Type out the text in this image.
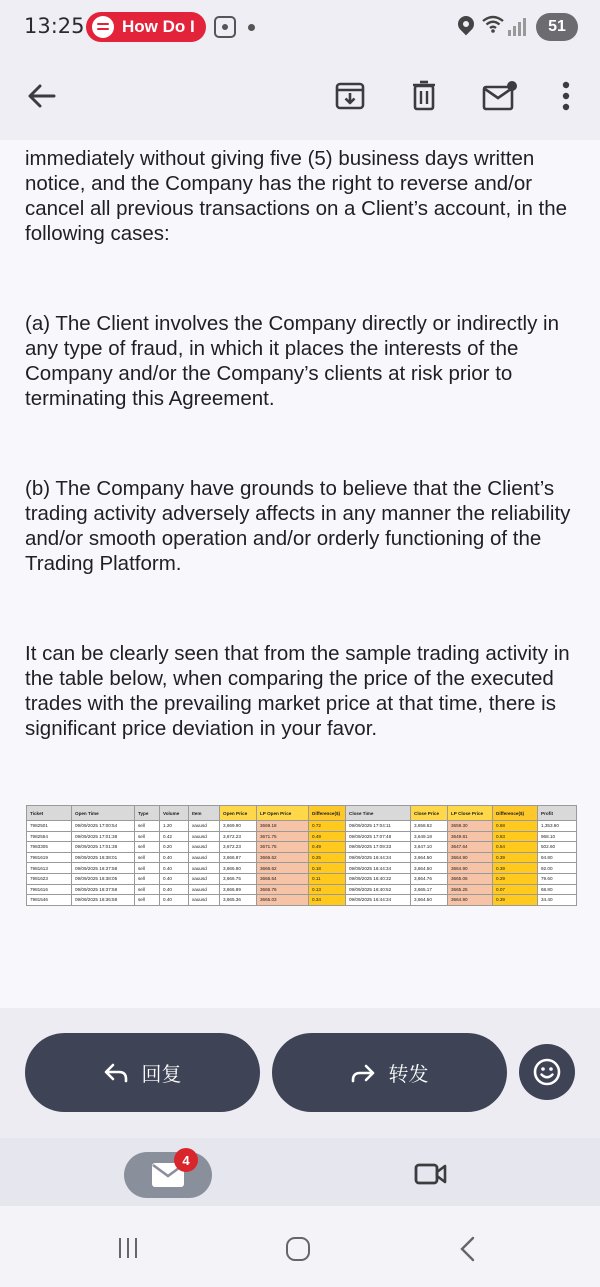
13:25 How Do I	51

immediately without giving five (5) business days written notice, and the Company has the right to reverse and/or cancel all previous transactions on a Client’s account, in the following cases:

(a) The Client involves the Company directly or indirectly in any type of fraud, in which it places the interests of the Company and/or the Company’s clients at risk prior to terminating this Agreement.

(b) The Company have grounds to believe that the Client’s trading activity adversely affects in any manner the reliability and/or smooth operation and/or orderly functioning of the Trading Platform.

It can be clearly seen that from the sample trading activity in the table below, when comparing the price of the executed trades with the prevailing market price at that time, there is significant price deviation in your favor.

Ticket	Open Time	Type	Volume	Item	Open Price	LP Open Price	Difference($)	Close Time	Close Price	LP Close Price	Difference($)	Profit
7982501	09/09/2025 17:00:54	sell	1.20	xauusd	3,669.90	3669.18	0.72	09/09/2025 17:04:11	3,658.62	3659.30	0.68	1,353.60
7982554	09/09/2025 17:01:38	sell	0.42	xauusd	3,672.23	3671.75	0.49	09/09/2025 17:07:48	3,649.18	3649.81	0.63	968.10
7983305	09/09/2025 17:01:38	sell	0.20	xauusd	3,672.23	3671.75	0.49	09/09/2025 17:09:33	3,647.10	3647.64	0.54	502.60
7981619	09/09/2025 16:38:01	sell	0.40	xauusd	3,666.87	3666.62	0.25	09/09/2025 16:44:34	3,664.50	3664.90	0.39	94.80
7981613	09/09/2025 16:37:58	sell	0.40	xauusd	3,666.80	3666.62	0.18	09/09/2025 16:44:34	3,664.50	3664.90	0.39	92.00
7981623	09/09/2025 16:38:05	sell	0.40	xauusd	3,666.75	3666.64	0.11	09/09/2025 16:40:32	3,664.76	3665.06	0.29	79.60
7981616	09/09/2025 16:37:58	sell	0.40	xauusd	3,666.89	3666.76	0.13	09/09/2025 16:40:52	3,665.17	3665.25	0.07	68.80
7981546	09/09/2025 16:36:58	sell	0.40	xauusd	3,665.36	3665.03	0.34	09/09/2025 16:44:34	3,664.50	3664.90	0.39	34.40
回复	转发
4
